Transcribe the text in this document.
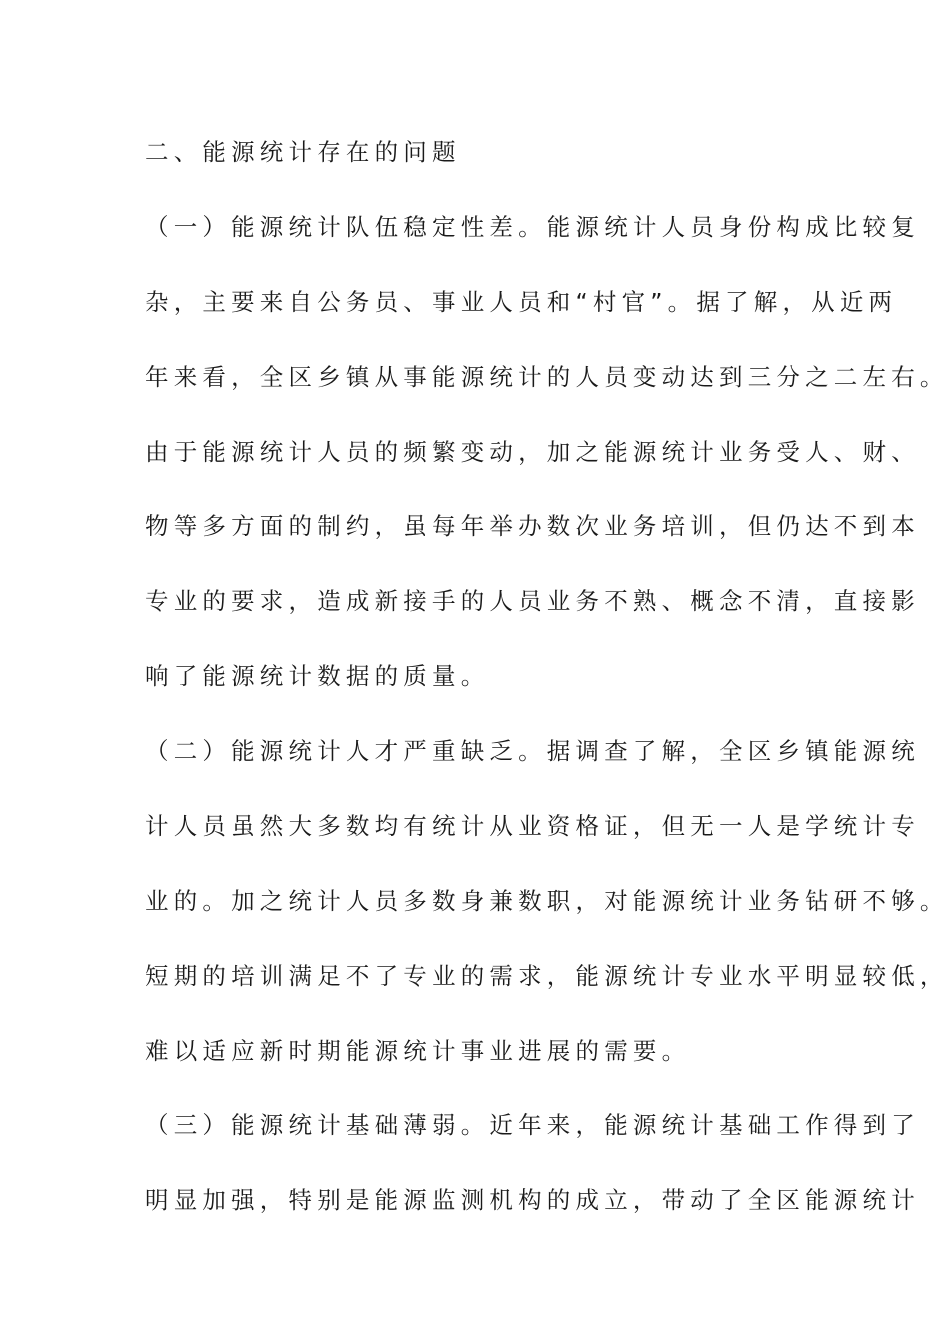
二、能源统计存在的问题
（一）能源统计队伍稳定性差。能源统计人员身份构成比较复
杂，主要来自公务员、事业人员和“村官”。据了解，从近两
年来看，全区乡镇从事能源统计的人员变动达到三分之二左右。
由于能源统计人员的频繁变动，加之能源统计业务受人、财、
物等多方面的制约，虽每年举办数次业务培训，但仍达不到本
专业的要求，造成新接手的人员业务不熟、概念不清，直接影
响了能源统计数据的质量。
（二）能源统计人才严重缺乏。据调查了解，全区乡镇能源统
计人员虽然大多数均有统计从业资格证，但无一人是学统计专
业的。加之统计人员多数身兼数职，对能源统计业务钻研不够。
短期的培训满足不了专业的需求，能源统计专业水平明显较低，
难以适应新时期能源统计事业进展的需要。
（三）能源统计基础薄弱。近年来，能源统计基础工作得到了
明显加强，特别是能源监测机构的成立，带动了全区能源统计
